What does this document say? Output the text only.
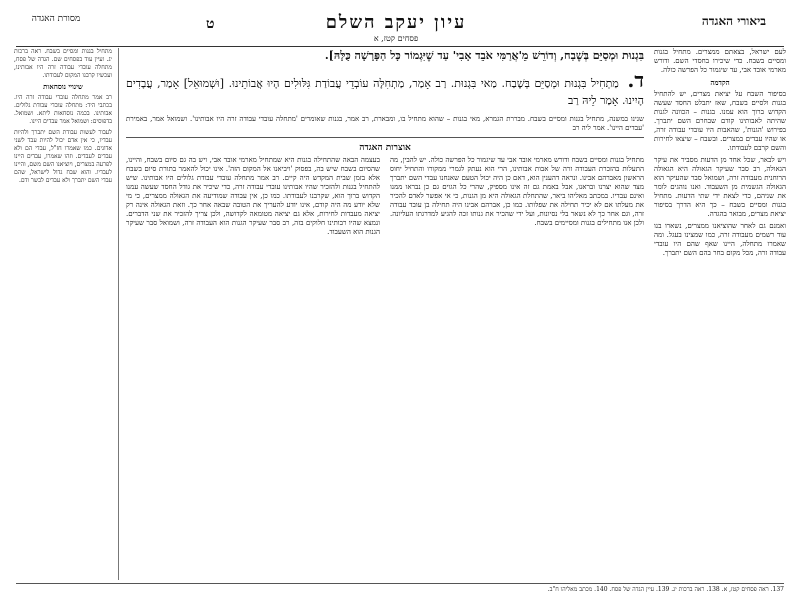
ביאורי האגדה
עיון יעקב השלם
פסחים קטז, א
ט
מסורת האגדה

לעם ישראל, בצאתם ממצרים. מתחיל בגנות ומסיים בשבח. כדי שיכירו בחסדי השם. ודורש מארמי אובד אבי, עד שיגמור כל הפרשה כולה.

הקדמה

בסיפור השבח על יציאת מצרים, יש להתחיל בגנות ולסיים בשבח, שאז יתבלט החסד שעשה הקדוש ברוך הוא עמנו. בגנות – הכוונה לגנות שהיתה לאבותינו קודם שבחרם השם יתברך. בפירוש 'הגנות', שהאבות היו עובדי עבודה זרה, או שהיו עבדים במצרים. ובשבח – שיצאו לחירות והשם קרבם לעבודתו.

ויש לבאר, שכל אחד מן הדעות מסביר את עיקר הגאולה, רב סבר שעיקר הגאולה היא הגאולה הרוחנית מעבודה זרה, ושמואל סבר שהעיקר הוא הגאולה הגשמית מן השעבוד. ואנו נוהגים לומר את שניהם, כדי לצאת ידי שתי הדעות. מתחיל בגנות ומסיים בשבח – כך היא הדרך בסיפור יציאת מצרים, מבואר בהגדה.

ואמנם גם לאחר שהוציאנו ממצרים, נשארו בנו עוד רשמים מעבודה זרה, כמו שמצינו בעגל. ומה שאמרו מתחלה, היינו שאף שהם היו עובדי עבודה זרה, מכל מקום בחר בהם השם יתברך.

בִּגְנוּת וּמְסַיֵּם בְּשֶׁבַח, וְדוֹרֵשׁ מֵ'אֲרַמִּי אֹבֵד אָבִי' עַד שֶׁיִּגְמוֹר כָּל הַפָּרָשָׁה כֻּלָּהּ].
ד. מַתְחִיל בִּגְנוּת וּמְסַיֵּם בְּשֶׁבַח. מַאי בִּגְנוּת. רַב אָמַר, מַתְחִלָּה עוֹבְדֵי עֲבוֹדַת גִּלּוּלִים הָיוּ אֲבוֹתֵינוּ. [וּשְׁמוּאֵל] אָמַר, עֲבָדִים הָיִינוּ. אָמַר לֵיהּ רַב
שנינו במשנה, מתחיל בגנות ומסיים בשבח. מבררת הגמרא, מאי בגנות – שהוא מתחיל בו, ומבארת, רב אמר, בגנות שאומרים 'מתחלה עובדי עבודה זרה היו אבותינו'. ושמואל אמר, באמירת 'עבדים היינו'. אמר ליה רב
אוצרות האגדה
מתחיל בגנות ומסיים בשבח ודורש מארמי אובד אבי עד שיגמור כל הפרשה כולה. יש להבין, מה התעלות בהזכרת העבודה זרה של אבות אבותינו, הרי הוא נעתק לגמרי ממקורו והתחיל יחוס הראשון מאברהם אבינו. ונראה דהענין הוא, דאם כן היה יכול הטעם שאנחנו עבדי השם יתברך מצד שהוא יצרנו ובראנו, אבל באמת גם זה אינו מספיק, שהרי כל הגוים גם כן נבראו ממנו ואינם עבדיו. במכתב מאליהו ביאר, שהתחלת הגאולה היא מן הגנות, כי אי אפשר לאדם להכיר את מעלתו אם לא יכיר תחילה את שפלותו. כמו כן, אברהם אבינו היה תחילה בן עובד עבודה זרה, וגם אחר כך לא נשאר בלי נסיונות, ועל ידי שהכיר את גנותו זכה להגיע למדרגתו העליונה. ולכן אנו מתחילים בגנות ומסיימים בשבח.
בעצמה הבאה שהתחילה בגנות היא שמתחיל מארמי אובד אבי, ויש בה גם סיום בשבח, והיינו, שהסיום בשבח שיש בה, בפסוק 'ויביאנו אל המקום הזה'. אינו יכול להאמר בתורת סיום בשבח אלא בזמן שבית המקדש היה קיים. רב אמר מתחלה עובדי עבודת גלולים היו אבותינו. שיש להתחיל בגנות ולהזכיר שהיו אבותינו עובדי עבודה זרה, כדי שיכיר את גודל החסד שעשה עמנו הקדוש ברוך הוא, שקרבנו לעבודתו. כמו כן, אין עבודה שמודיעה את הגאולה ממצרים, כי מי שלא יודע מה היה קודם, אינו יודע להעריך את הטובה שבאה אחר כך. וזאת הגאולה אינה רק יציאה מעבדות לחירות, אלא גם יציאה מטומאה לקדושה, ולכן צריך להזכיר את שני הדברים. ונמצא שהיו רבותינו חלוקים בזה, רב סבר שעיקר הגנות הוא העבודה זרה, ושמואל סבר שעיקר הגנות הוא השעבוד.

מתחיל בגנות ומסיים בשבח. ראה ברכות יג. ועיין עוד בפסחים שם. הגדה של פסח, מתחלה עובדי עבודה זרה היו אבותינו, ועכשיו קרבנו המקום לעבודתו.

שינויי נוסחאות

רב אמר מתחלה עובדי עבודה זרה היו. בכתבי היד: מתחלה עובדי עבודת גלולים. אבותינו. בכמה נוסחאות ליתא. ושמואל. בדפוסים: ושמואל אמר עבדים היינו.

לעבור לעשות עבודת השם יתברך ולהיות עבדיו, כי אין אדם יכול להיות עבד לשני אדונים. כמו שאמרו חז"ל, עבדי הם ולא עבדים לעבדים. וזהו שאמרו, עבדים היינו לפרעה במצרים, ויוציאנו השם משם, והיינו לעבדיו. והוא שבח גדול לישראל, שהם עבדי השם יתברך ולא עבדים לבשר ודם.

137. ראה פסחים קטז, א. 138. ראה ברכות יג. 139. עיין הגדה של פסח. 140. מכתב מאליהו ח"ב.
